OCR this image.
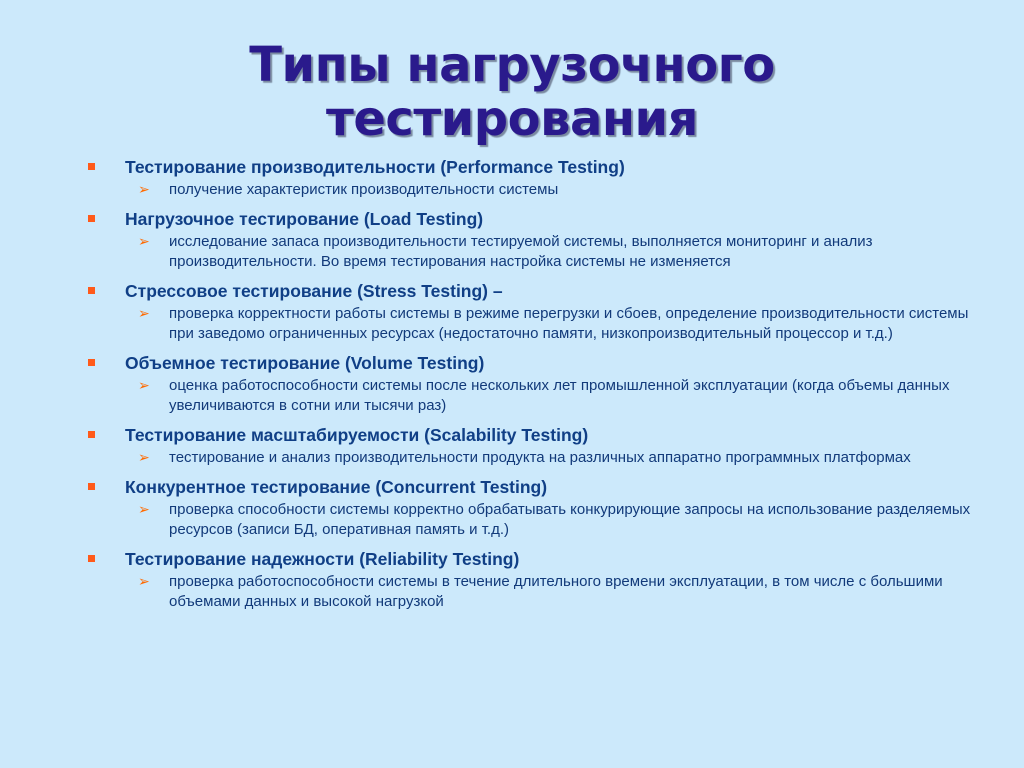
Типы нагрузочного
тестирования
Тестирование производительности (Performance Testing)
➢ получение характеристик производительности системы
Нагрузочное тестирование (Load Testing)
➢ исследование запаса производительности тестируемой системы, выполняется мониторинг и анализ производительности. Во время тестирования настройка системы не изменяется
Стрессовое тестирование (Stress Testing) –
➢ проверка корректности работы системы в режиме перегрузки и сбоев, определение производительности системы при заведомо ограниченных ресурсах (недостаточно памяти, низкопроизводительный процессор и т.д.)
Объемное тестирование (Volume Testing)
➢ оценка работоспособности системы после нескольких лет промышленной эксплуатации (когда объемы данных увеличиваются в сотни или тысячи раз)
Тестирование масштабируемости (Scalability Testing)
➢ тестирование и анализ производительности продукта на различных аппаратно программных платформах
Конкурентное тестирование (Concurrent Testing)
➢ проверка способности системы корректно обрабатывать конкурирующие запросы на использование разделяемых ресурсов (записи БД, оперативная память и т.д.)
Тестирование надежности (Reliability Testing)
➢ проверка работоспособности системы в течение длительного времени эксплуатации, в том числе с большими объемами данных и высокой нагрузкой
